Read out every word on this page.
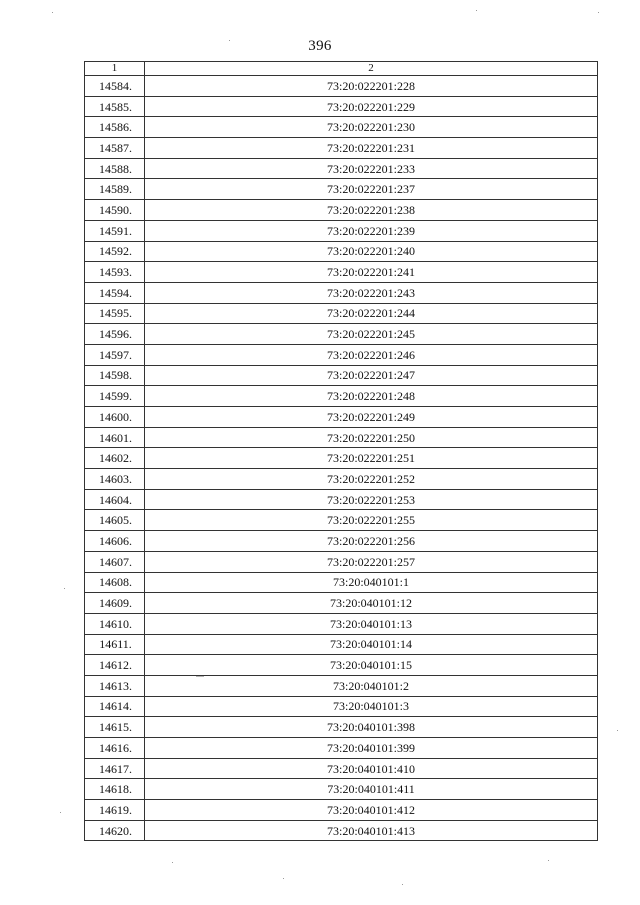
396
1	2
14584.	73:20:022201:228
14585.	73:20:022201:229
14586.	73:20:022201:230
14587.	73:20:022201:231
14588.	73:20:022201:233
14589.	73:20:022201:237
14590.	73:20:022201:238
14591.	73:20:022201:239
14592.	73:20:022201:240
14593.	73:20:022201:241
14594.	73:20:022201:243
14595.	73:20:022201:244
14596.	73:20:022201:245
14597.	73:20:022201:246
14598.	73:20:022201:247
14599.	73:20:022201:248
14600.	73:20:022201:249
14601.	73:20:022201:250
14602.	73:20:022201:251
14603.	73:20:022201:252
14604.	73:20:022201:253
14605.	73:20:022201:255
14606.	73:20:022201:256
14607.	73:20:022201:257
14608.	73:20:040101:1
14609.	73:20:040101:12
14610.	73:20:040101:13
14611.	73:20:040101:14
14612.	73:20:040101:15
14613.	73:20:040101:2
14614.	73:20:040101:3
14615.	73:20:040101:398
14616.	73:20:040101:399
14617.	73:20:040101:410
14618.	73:20:040101:411
14619.	73:20:040101:412
14620.	73:20:040101:413
